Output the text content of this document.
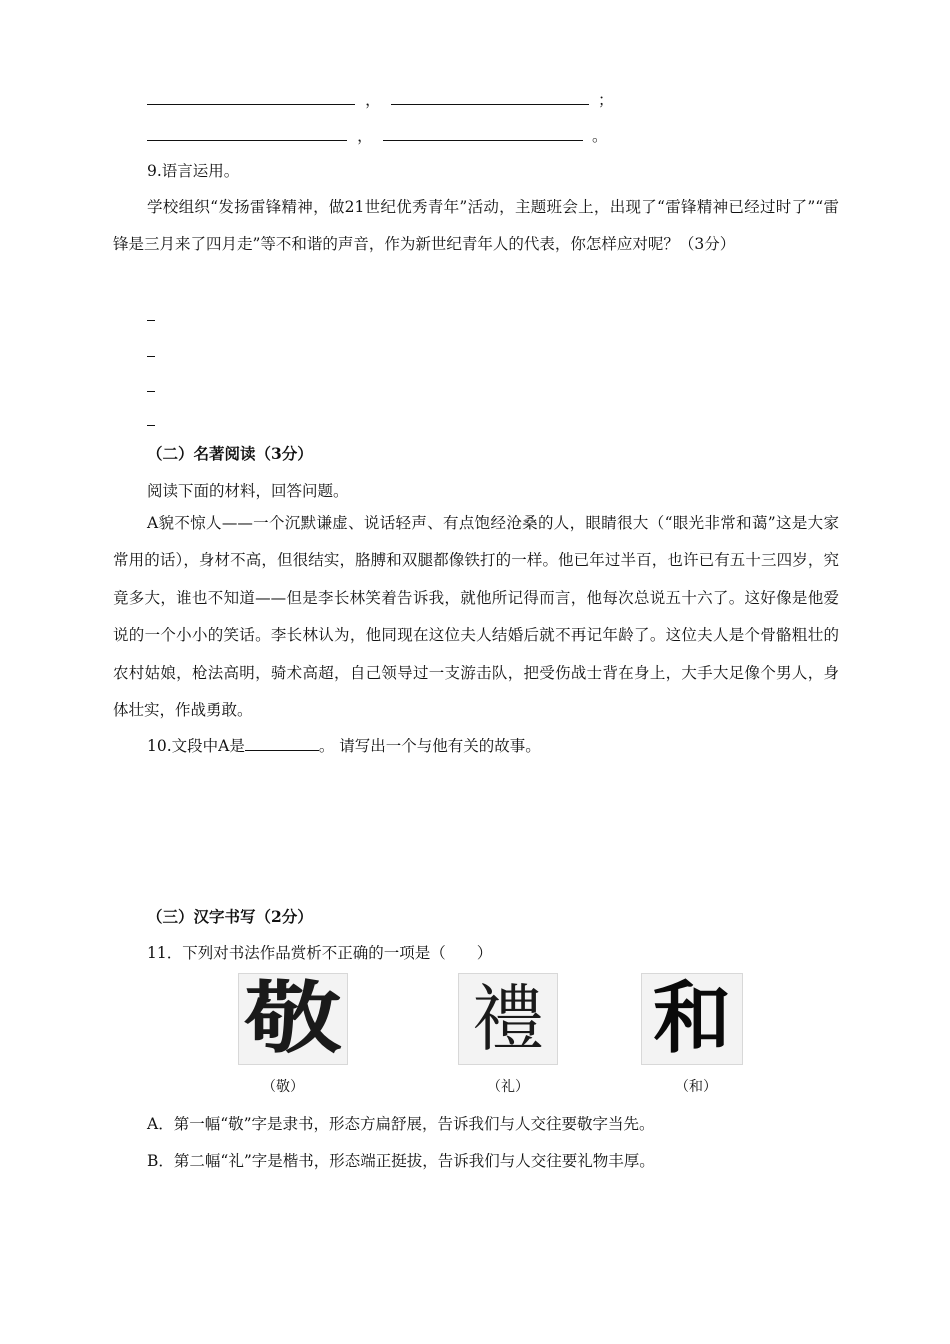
，	；
，	。
9.语言运用。
学校组织“发扬雷锋精神，做21世纪优秀青年”活动，主题班会上，出现了“雷锋精神已经过时了”“雷锋是三月来了四月走”等不和谐的声音，作为新世纪青年人的代表，你怎样应对呢？（3分）
（二）名著阅读（3分）
阅读下面的材料，回答问题。
A貌不惊人——一个沉默谦虚、说话轻声、有点饱经沧桑的人，眼睛很大（“眼光非常和蔼”这是大家常用的话），身材不高，但很结实，胳膊和双腿都像铁打的一样。他已年过半百，也许已有五十三四岁，究竟多大，谁也不知道——但是李长林笑着告诉我，就他所记得而言，他每次总说五十六了。这好像是他爱说的一个小小的笑话。李长林认为，他同现在这位夫人结婚后就不再记年龄了。这位夫人是个骨骼粗壮的农村姑娘，枪法高明，骑术高超，自己领导过一支游击队，把受伤战士背在身上，大手大足像个男人，身体壮实，作战勇敢。
10.文段中A是	。 请写出一个与他有关的故事。
（三）汉字书写（2分）
11．下列对书法作品赏析不正确的一项是（　　）
敬 禮 和
（敬）	（礼）	（和）
A．第一幅“敬”字是隶书，形态方扁舒展，告诉我们与人交往要敬字当先。
B．第二幅“礼”字是楷书，形态端正挺拔，告诉我们与人交往要礼物丰厚。
